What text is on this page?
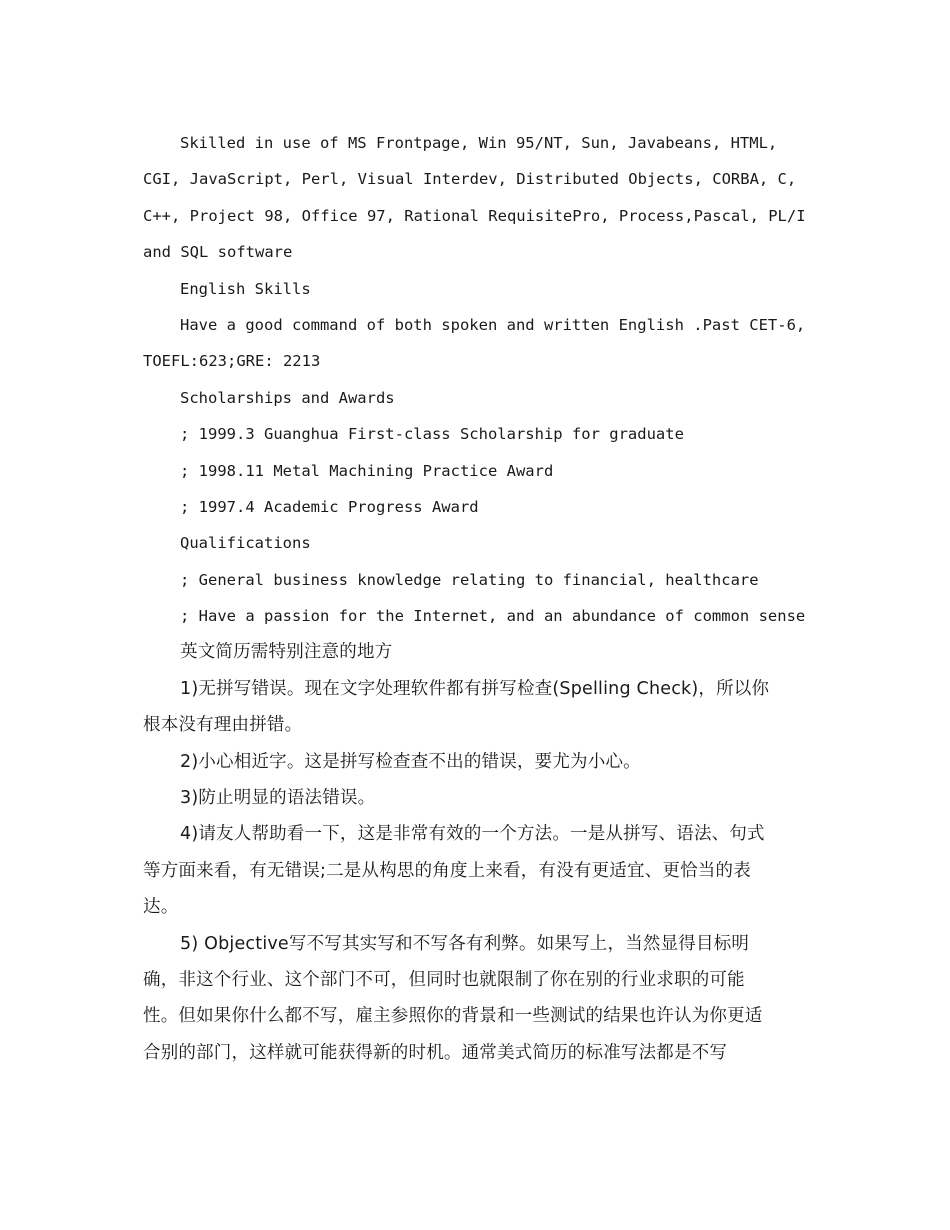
Skilled in use of MS Frontpage, Win 95/NT, Sun, Javabeans, HTML,

CGI, JavaScript, Perl, Visual Interdev, Distributed Objects, CORBA, C,

C++, Project 98, Office 97, Rational RequisitePro, Process,Pascal, PL/I

and SQL software

English Skills

Have a good command of both spoken and written English .Past CET-6,

TOEFL:623;GRE: 2213

Scholarships and Awards

; 1999.3 Guanghua First-class Scholarship for graduate

; 1998.11 Metal Machining Practice Award

; 1997.4 Academic Progress Award

Qualifications

; General business knowledge relating to financial, healthcare

; Have a passion for the Internet, and an abundance of common sense

英文简历需特别注意的地方

1)无拼写错误。现在文字处理软件都有拼写检查(Spelling Check)，所以你

根本没有理由拼错。

2)小心相近字。这是拼写检查查不出的错误，要尤为小心。

3)防止明显的语法错误。

4)请友人帮助看一下，这是非常有效的一个方法。一是从拼写、语法、句式

等方面来看，有无错误;二是从构思的角度上来看，有没有更适宜、更恰当的表

达。

5) Objective写不写其实写和不写各有利弊。如果写上，当然显得目标明

确，非这个行业、这个部门不可，但同时也就限制了你在别的行业求职的可能

性。但如果你什么都不写，雇主参照你的背景和一些测试的结果也许认为你更适

合别的部门，这样就可能获得新的时机。通常美式简历的标准写法都是不写
